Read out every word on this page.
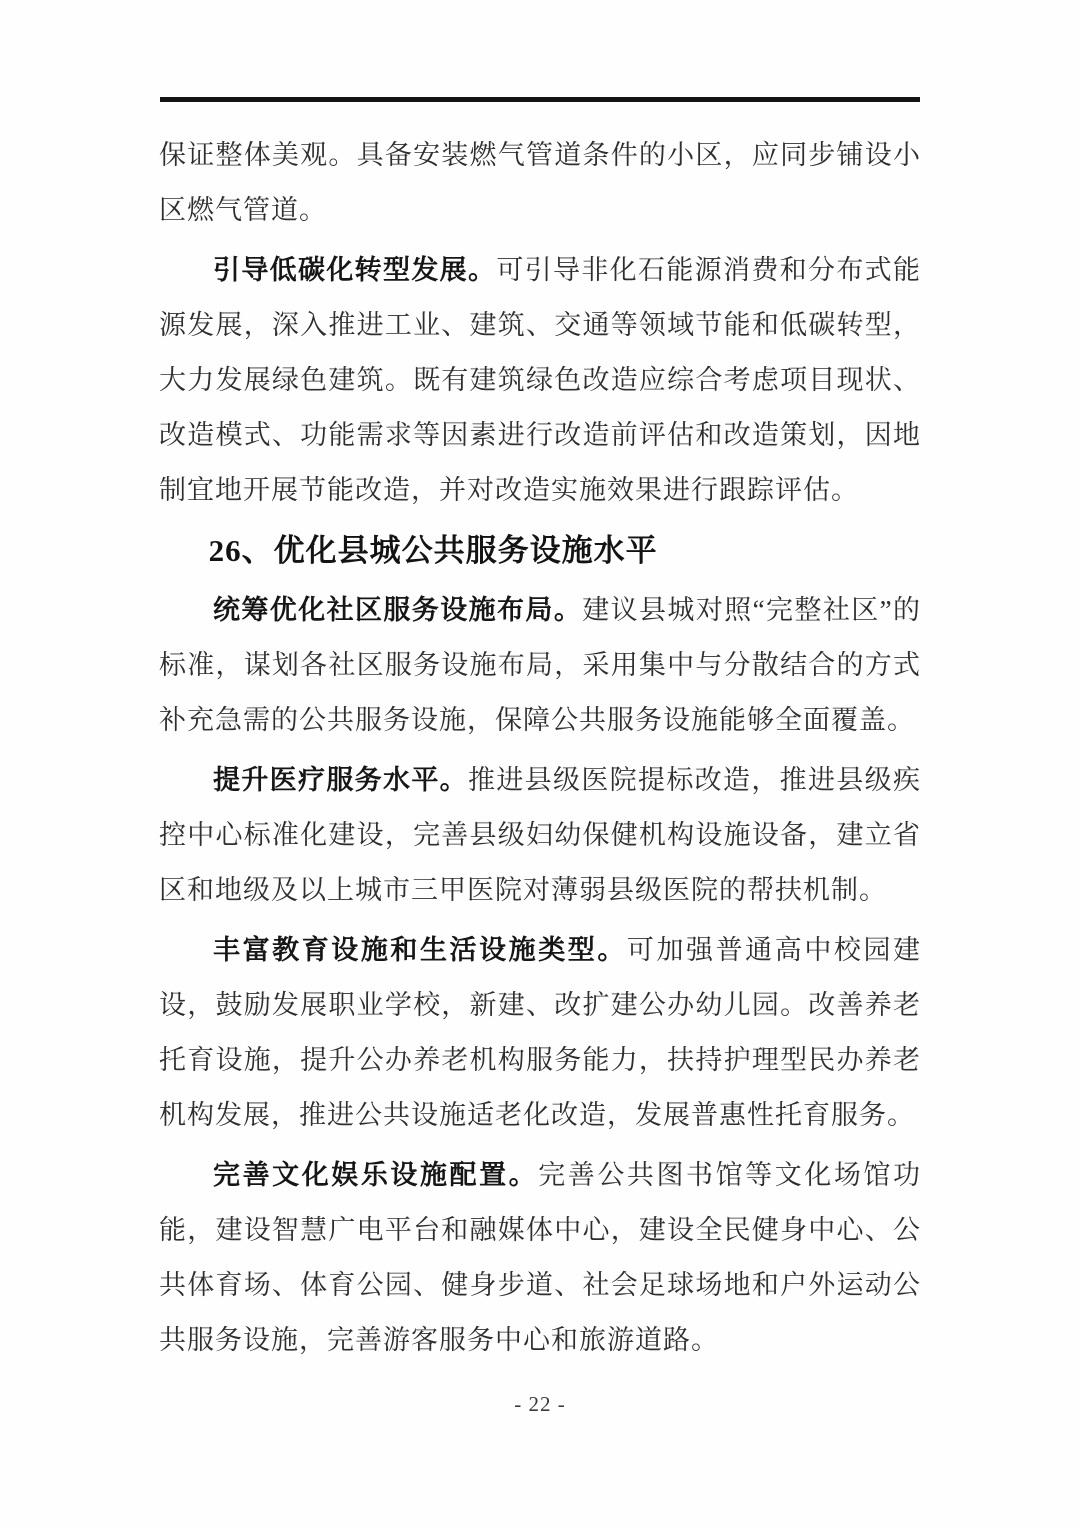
保证整体美观。具备安装燃气管道条件的小区，应同步铺设小区燃气管道。

引导低碳化转型发展。可引导非化石能源消费和分布式能源发展，深入推进工业、建筑、交通等领域节能和低碳转型，大力发展绿色建筑。既有建筑绿色改造应综合考虑项目现状、改造模式、功能需求等因素进行改造前评估和改造策划，因地制宜地开展节能改造，并对改造实施效果进行跟踪评估。

26、优化县城公共服务设施水平

统筹优化社区服务设施布局。建议县城对照“完整社区”的标准，谋划各社区服务设施布局，采用集中与分散结合的方式补充急需的公共服务设施，保障公共服务设施能够全面覆盖。

提升医疗服务水平。推进县级医院提标改造，推进县级疾控中心标准化建设，完善县级妇幼保健机构设施设备，建立省区和地级及以上城市三甲医院对薄弱县级医院的帮扶机制。

丰富教育设施和生活设施类型。可加强普通高中校园建设，鼓励发展职业学校，新建、改扩建公办幼儿园。改善养老托育设施，提升公办养老机构服务能力，扶持护理型民办养老机构发展，推进公共设施适老化改造，发展普惠性托育服务。

完善文化娱乐设施配置。完善公共图书馆等文化场馆功能，建设智慧广电平台和融媒体中心，建设全民健身中心、公共体育场、体育公园、健身步道、社会足球场地和户外运动公共服务设施，完善游客服务中心和旅游道路。

- 22 -
